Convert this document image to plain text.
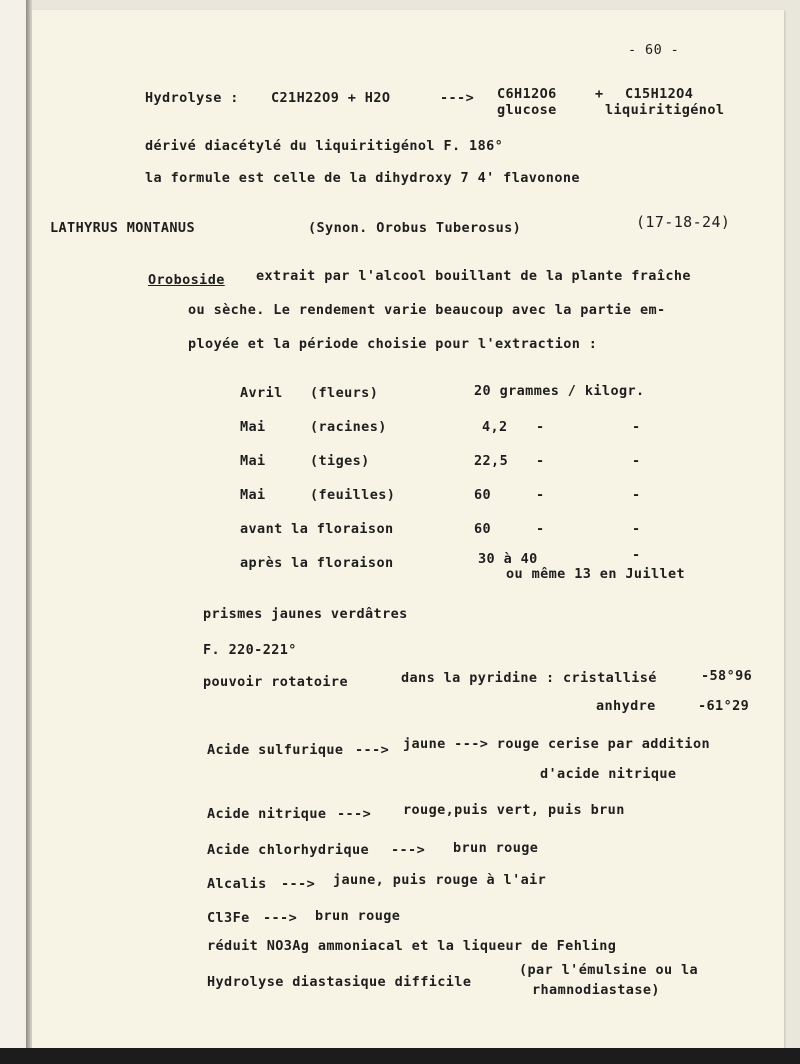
- 60 -
Hydrolyse : C21H22O9 + H2O	---> C6H12O6	+ C15H12O4
glucose	liquiritigénol
dérivé diacétylé du liquiritigénol F. 186°
la formule est celle de la dihydroxy 7 4' flavonone
LATHYRUS MONTANUS	(Synon. Orobus Tuberosus)	(17-18-24)
Oroboside extrait par l'alcool bouillant de la plante fraîche
ou sèche. Le rendement varie beaucoup avec la partie em-
ployée et la période choisie pour l'extraction :
Avril (fleurs)	20 grammes / kilogr.
Mai	(racines)	4,2 -	-
Mai	(tiges)	22,5 -	-
Mai	(feuilles)	60	-	-
avant la floraison	60	-	-
après la floraison	30 à 40	-
ou même 13 en Juillet
prismes jaunes verdâtres
F. 220-221°
pouvoir rotatoire	dans la pyridine : cristallisé	-58°96
anhydre	-61°29
Acide sulfurique ---> jaune ---> rouge cerise par addition
d'acide nitrique
Acide nitrique ---> rouge,puis vert, puis brun
Acide chlorhydrique ---> brun rouge
Alcalis ---> jaune, puis rouge à l'air
Cl3Fe ---> brun rouge
réduit NO3Ag ammoniacal et la liqueur de Fehling
Hydrolyse diastasique difficile
(par l'émulsine ou la
rhamnodiastase)
